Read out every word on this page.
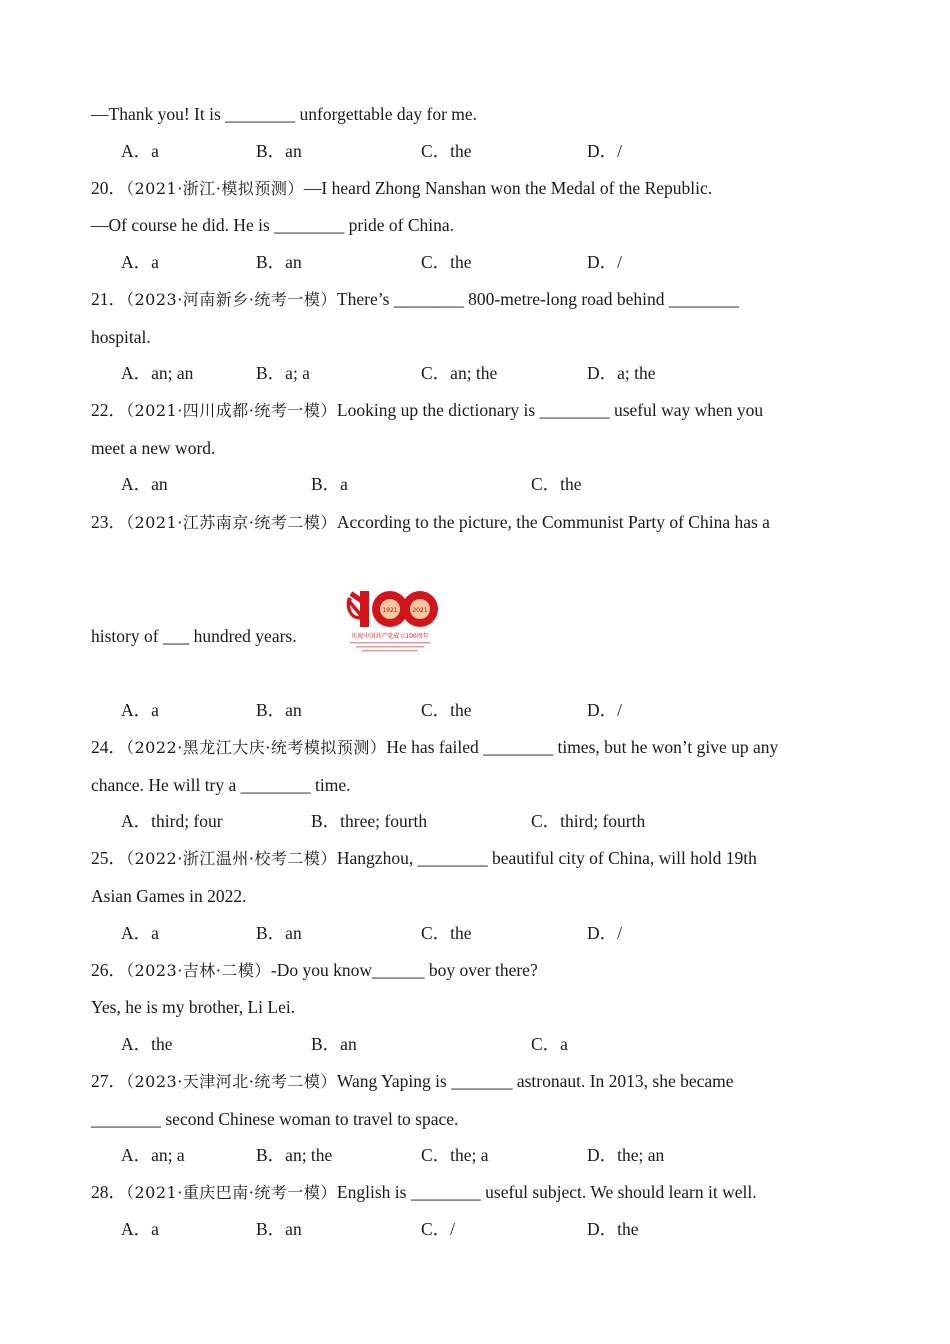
—Thank you! It is ________ unforgettable day for me.
A．a	B．an	C．the	D．/
20．（2021·浙江·模拟预测）—I heard Zhong Nanshan won the Medal of the Republic.
—Of course he did. He is ________ pride of China.
A．a	B．an	C．the	D．/
21．（2023·河南新乡·统考一模）There’s ________ 800-metre-long road behind ________
hospital.
A．an; an	B．a; a	C．an; the	D．a; the
22．（2021·四川成都·统考一模）Looking up the dictionary is ________ useful way when you
meet a new word.
A．an	B．a	C．the
23．（2021·江苏南京·统考二模）According to the picture, the Communist Party of China has a
history of ___ hundred years.
1921 2021
庆祝中国共产党成立100周年
A．a	B．an	C．the	D．/
24．（2022·黑龙江大庆·统考模拟预测）He has failed ________ times, but he won’t give up any
chance. He will try a ________ time.
A．third; four	B．three; fourth	C．third; fourth
25．（2022·浙江温州·校考二模）Hangzhou, ________ beautiful city of China, will hold 19th
Asian Games in 2022.
A．a	B．an	C．the	D．/
26．（2023·吉林·二模）-Do you know______ boy over there?
Yes, he is my brother, Li Lei.
A．the	B．an	C．a
27．（2023·天津河北·统考二模）Wang Yaping is _______ astronaut. In 2013, she became
________ second Chinese woman to travel to space.
A．an; a	B．an; the	C．the; a	D．the; an
28．（2021·重庆巴南·统考一模）English is ________ useful subject. We should learn it well.
A．a	B．an	C．/	D．the
